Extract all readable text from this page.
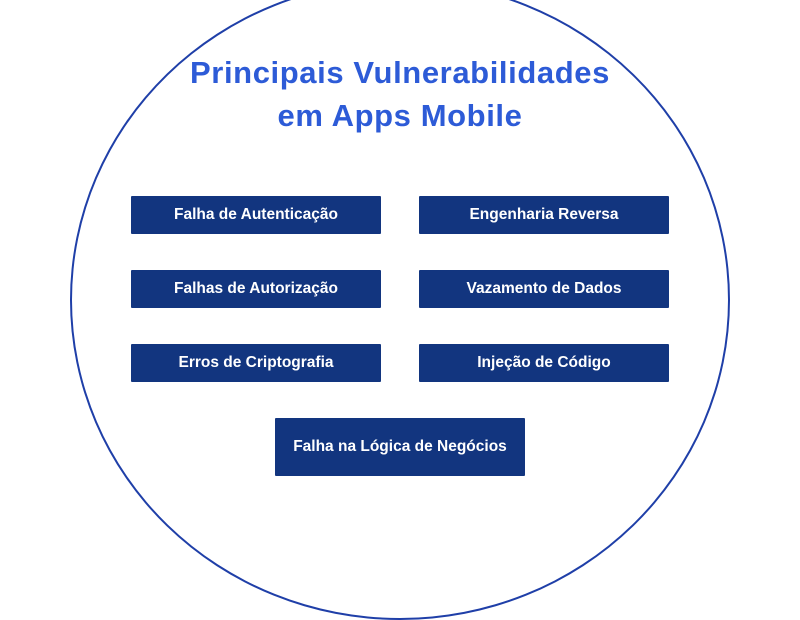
Principais Vulnerabilidades
em Apps Mobile
Falha de Autenticação	Engenharia Reversa
Falhas de Autorização	Vazamento de Dados
Erros de Criptografia	Injeção de Código
Falha na Lógica de Negócios
